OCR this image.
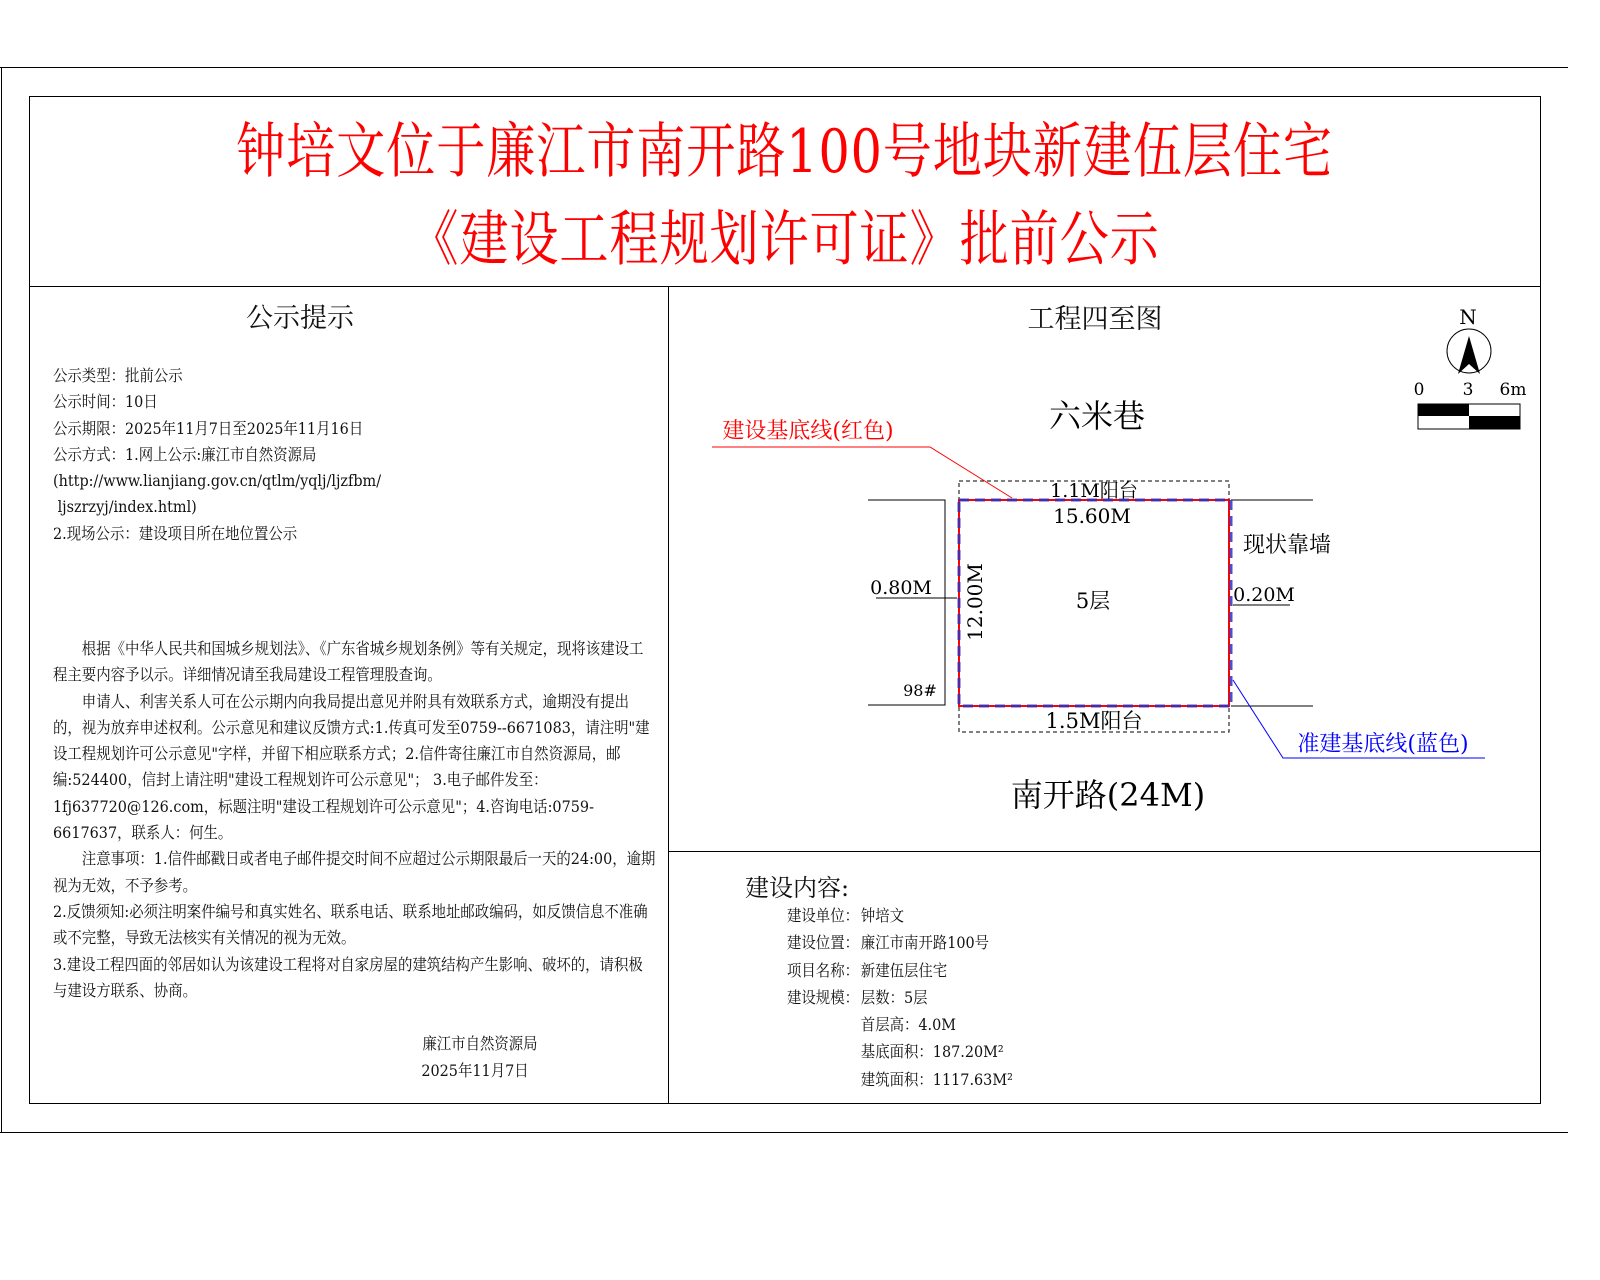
钟培文位于廉江市南开路100号地块新建伍层住宅
《建设工程规划许可证》批前公示
公示提示
公示类型：批前公示
公示时间：10日
公示期限：2025年11月7日至2025年11月16日
公示方式：1.网上公示:廉江市自然资源局
(http://www.lianjiang.gov.cn/qtlm/yqlj/ljzfbm/
ljszrzyj/index.html)
2.现场公示：建设项目所在地位置公示

根据《中华人民共和国城乡规划法》、《广东省城乡规划条例》等有关规定，现将该建设工程主要内容予以示。详细情况请至我局建设工程管理股查询。

申请人、利害关系人可在公示期内向我局提出意见并附具有效联系方式，逾期没有提出的，视为放弃申述权利。公示意见和建议反馈方式:1.传真可发至0759--6671083，请注明"建设工程规划许可公示意见"字样，并留下相应联系方式；2.信件寄往廉江市自然资源局，邮编:524400，信封上请注明"建设工程规划许可公示意见"； 3.电子邮件发至：1fj637720@126.com，标题注明"建设工程规划许可公示意见"；4.咨询电话:0759-6617637，联系人：何生。

注意事项：1.信件邮戳日或者电子邮件提交时间不应超过公示期限最后一天的24:00，逾期视为无效，不予参考。

2.反馈须知:必须注明案件编号和真实姓名、联系电话、联系地址邮政编码，如反馈信息不准确或不完整，导致无法核实有关情况的视为无效。

3.建设工程四面的邻居如认为该建设工程将对自家房屋的建筑结构产生影响、破坏的，请积极与建设方联系、协商。

廉江市自然资源局
2025年11月7日
工程四至图	N
0 3 6m
六米巷
南开路(24M)
1.1M阳台
1.5M阳台
15.60M
12.00M	5层
0.80M	0.20M
现状靠墙
98#
建设基底线(红色)
准建基底线(蓝色)
建设内容:
建设单位： 钟培文
建设位置： 廉江市南开路100号
项目名称： 新建伍层住宅
建设规模： 层数：5层
首层高：4.0M
基底面积：187.20M²
建筑面积：1117.63M²
